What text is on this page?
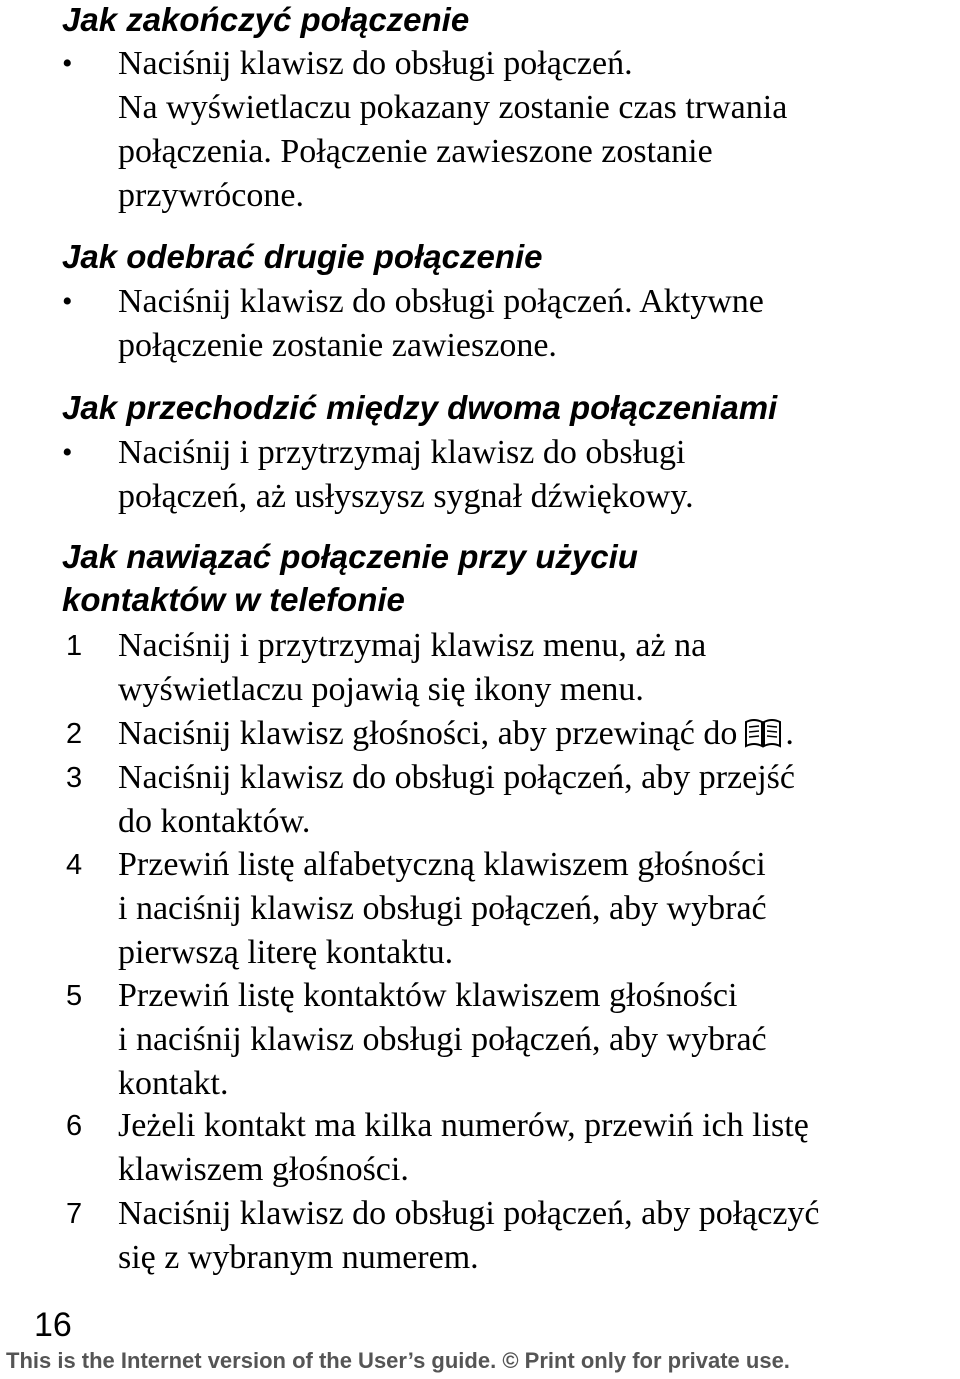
Jak zakończyć połączenie
• Naciśnij klawisz do obsługi połączeń.

Na wyświetlaczu pokazany zostanie czas trwania

połączenia. Połączenie zawieszone zostanie

przywrócone.

Jak odebrać drugie połączenie
• Naciśnij klawisz do obsługi połączeń. Aktywne

połączenie zostanie zawieszone.

Jak przechodzić między dwoma połączeniami
• Naciśnij i przytrzymaj klawisz do obsługi

połączeń, aż usłyszysz sygnał dźwiękowy.

Jak nawiązać połączenie przy użyciu
kontaktów w telefonie
1 Naciśnij i przytrzymaj klawisz menu, aż na

wyświetlaczu pojawią się ikony menu.

2 Naciśnij klawisz głośności, aby przewinąć do .

3 Naciśnij klawisz do obsługi połączeń, aby przejść

do kontaktów.

4 Przewiń listę alfabetyczną klawiszem głośności

i naciśnij klawisz obsługi połączeń, aby wybrać

pierwszą literę kontaktu.

5 Przewiń listę kontaktów klawiszem głośności

i naciśnij klawisz obsługi połączeń, aby wybrać

kontakt.

6 Jeżeli kontakt ma kilka numerów, przewiń ich listę

klawiszem głośności.

7 Naciśnij klawisz do obsługi połączeń, aby połączyć

się z wybranym numerem.

16
This is the Internet version of the User’s guide. © Print only for private use.
